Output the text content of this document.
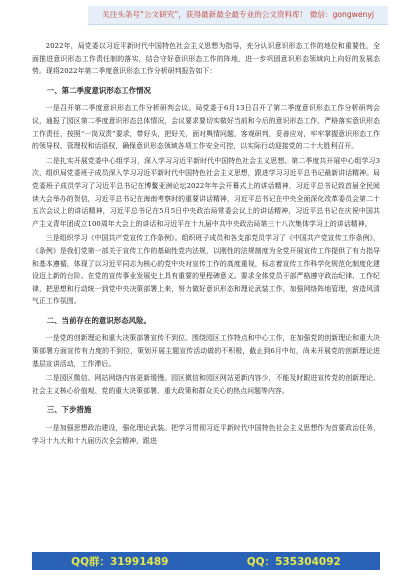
关注头条号“公文研究”，获得最新最全最专业的公文资料库！ 微信：gongwenyj

2022年，局党委以习近平新时代中国特色社会主义思想为指导，充分认识意识形态工作的地位和重要性，全面推进意识形态工作责任制的落实，结合守好意识形态工作的阵地，进一步巩固意识形态领域向上向好的发展态势。现将2022年第二季度意识形态工作分析研判报告如下：

一、第二季度意识形态工作情况

一是召开第二季度意识形态工作分析研判会议。局党委于6月13日召开了第二季度意识形态工作分析研判会议，通报了园区第二季度意识形态总体情况，会议要求要切实做好当前和今后的意识形态工作，严格落实意识形态工作责任，按照“一岗双责”要求，带好头，把好关，面对舆情问题，客观研判，妥善应对，牢牢掌握意识形态工作的领导权、管理权和话语权，确保意识形态领域各项工作安全可控，以实际行动迎接党的二十大胜利召开。

二是扎实开展党委中心组学习，深入学习习近平新时代中国特色社会主义思想。第二季度共开展中心组学习3次，组织局党委班子成员深入学习习近平新时代中国特色社会主义思想，跟进学习习近平总书记最新讲话精神。局党委班子成员学习了习近平总书记在博鳌亚洲论坛2022年年会开幕式上的讲话精神，习近平总书记致首届全民阅读大会举办的贺信，习近平总书记在海南考察时的重要讲话精神，习近平总书记在中央全面深化改革委员会第二十五次会议上的讲话精神，习近平总书记在5月5日中央政治局常委会议上的讲话精神，习近平总书记在庆祝中国共产主义青年团成立100周年大会上的讲话和习近平在十九届中共中央政治局第三十八次集体学习上的讲话精神。

三是组织学习《中国共产党宣传工作条例》。组织班子成员和各支部党员学习了《中国共产党宣传工作条例》，《条例》是我们党第一部关于宣传工作的基础性党内法规，以刚性的法规制度为全党开展宣传工作提供了有力指导和基本遵循，体现了以习近平同志为核心的党中央对宣传工作的高度重视，标志着宣传工作科学化规范化制度化建设迈上新的台阶。在党的宣传事业发展史上具有重要的里程碑意义。要求全体党员干部严格遵守政治纪律、工作纪律，把思想和行动统一到党中央决策部署上来，努力做好意识形态和理论武装工作，加强网络阵地管理，营造风清气正工作氛围。

二、当前存在的意识形态风险。

一是党的创新理论和重大决策部署宣传不到位。围绕园区工作特点和中心工作，在加强党的创新理论和重大决策部署方面宣传有力度的不到位，策划开展主题宣传活动做的不积极，截止到6月中旬，尚未开展党的创新理论进基层宣讲活动，工作滞后。

二是园区微信、网站网络内容更新缓慢。园区微信和园区网站更新内容少，不能及时跟进宣传党的创新理论、社会主义核心价值观、党的重大决策部署、重大政策和群众关心的热点问题等内容。

三、下步措施

一是加强思想政治建设，强化理论武装。把学习贯彻习近平新时代中国特色社会主义思想作为首要政治任务，学习十九大和十九届历次全会精神，跟进

QQ群：31991489	QQ：535304092
